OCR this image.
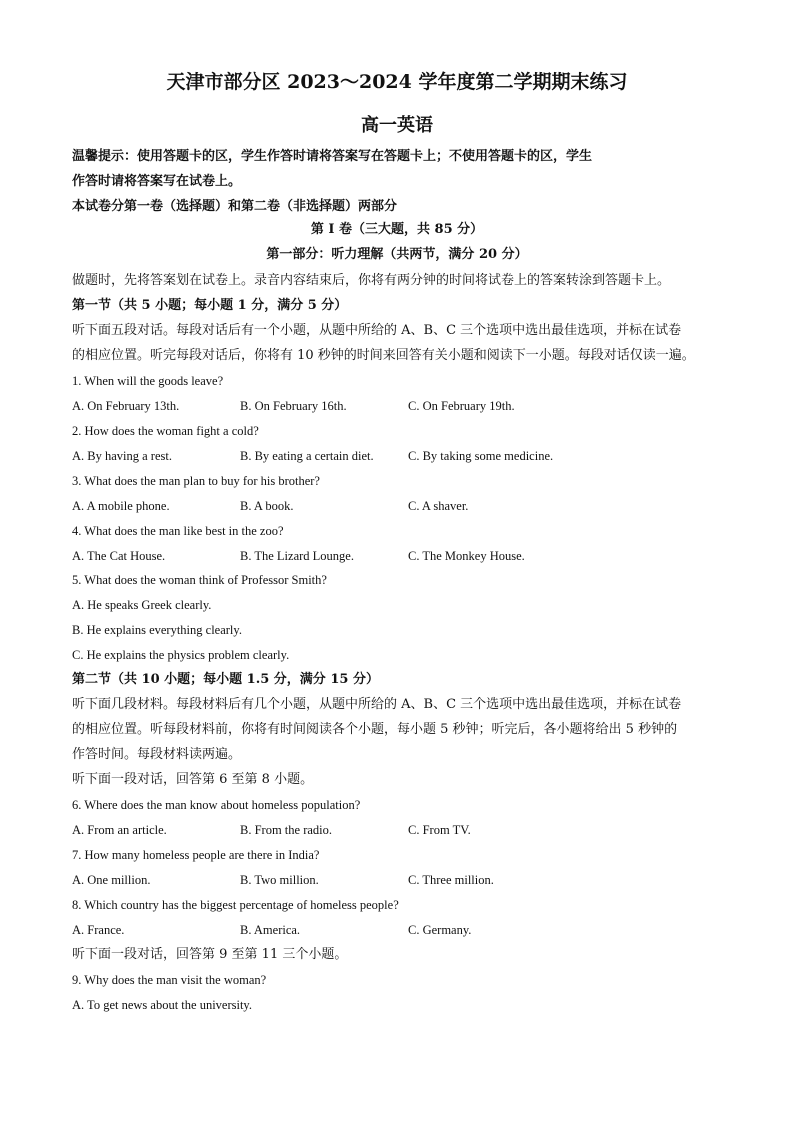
天津市部分区 2023～2024 学年度第二学期期末练习
高一英语
温馨提示：使用答题卡的区，学生作答时请将答案写在答题卡上；不使用答题卡的区，学生
作答时请将答案写在试卷上。
本试卷分第一卷（选择题）和第二卷（非选择题）两部分
第 I 卷（三大题，共 85 分）
第一部分：听力理解（共两节，满分 20 分）
做题时，先将答案划在试卷上。录音内容结束后，你将有两分钟的时间将试卷上的答案转涂到答题卡上。
第一节（共 5 小题；每小题 1 分，满分 5 分）
听下面五段对话。每段对话后有一个小题，从题中所给的 A、B、C 三个选项中选出最佳选项，并标在试卷
的相应位置。听完每段对话后，你将有 10 秒钟的时间来回答有关小题和阅读下一小题。每段对话仅读一遍。
1. When will the goods leave?
A. On February 13th.	B. On February 16th.	C. On February 19th.
2. How does the woman fight a cold?
A. By having a rest.	B. By eating a certain diet.	C. By taking some medicine.
3. What does the man plan to buy for his brother?
A. A mobile phone.	B. A book.	C. A shaver.
4. What does the man like best in the zoo?
A. The Cat House.	B. The Lizard Lounge.	C. The Monkey House.
5. What does the woman think of Professor Smith?
A. He speaks Greek clearly.
B. He explains everything clearly.
C. He explains the physics problem clearly.
第二节（共 10 小题；每小题 1.5 分，满分 15 分）
听下面几段材料。每段材料后有几个小题，从题中所给的 A、B、C 三个选项中选出最佳选项，并标在试卷
的相应位置。听每段材料前，你将有时间阅读各个小题，每小题 5 秒钟；听完后，各小题将给出 5 秒钟的
作答时间。每段材料读两遍。
听下面一段对话，回答第 6 至第 8 小题。
6. Where does the man know about homeless population?
A. From an article.	B. From the radio.	C. From TV.
7. How many homeless people are there in India?
A. One million.	B. Two million.	C. Three million.
8. Which country has the biggest percentage of homeless people?
A. France.	B. America.	C. Germany.
听下面一段对话，回答第 9 至第 11 三个小题。
9. Why does the man visit the woman?
A. To get news about the university.
